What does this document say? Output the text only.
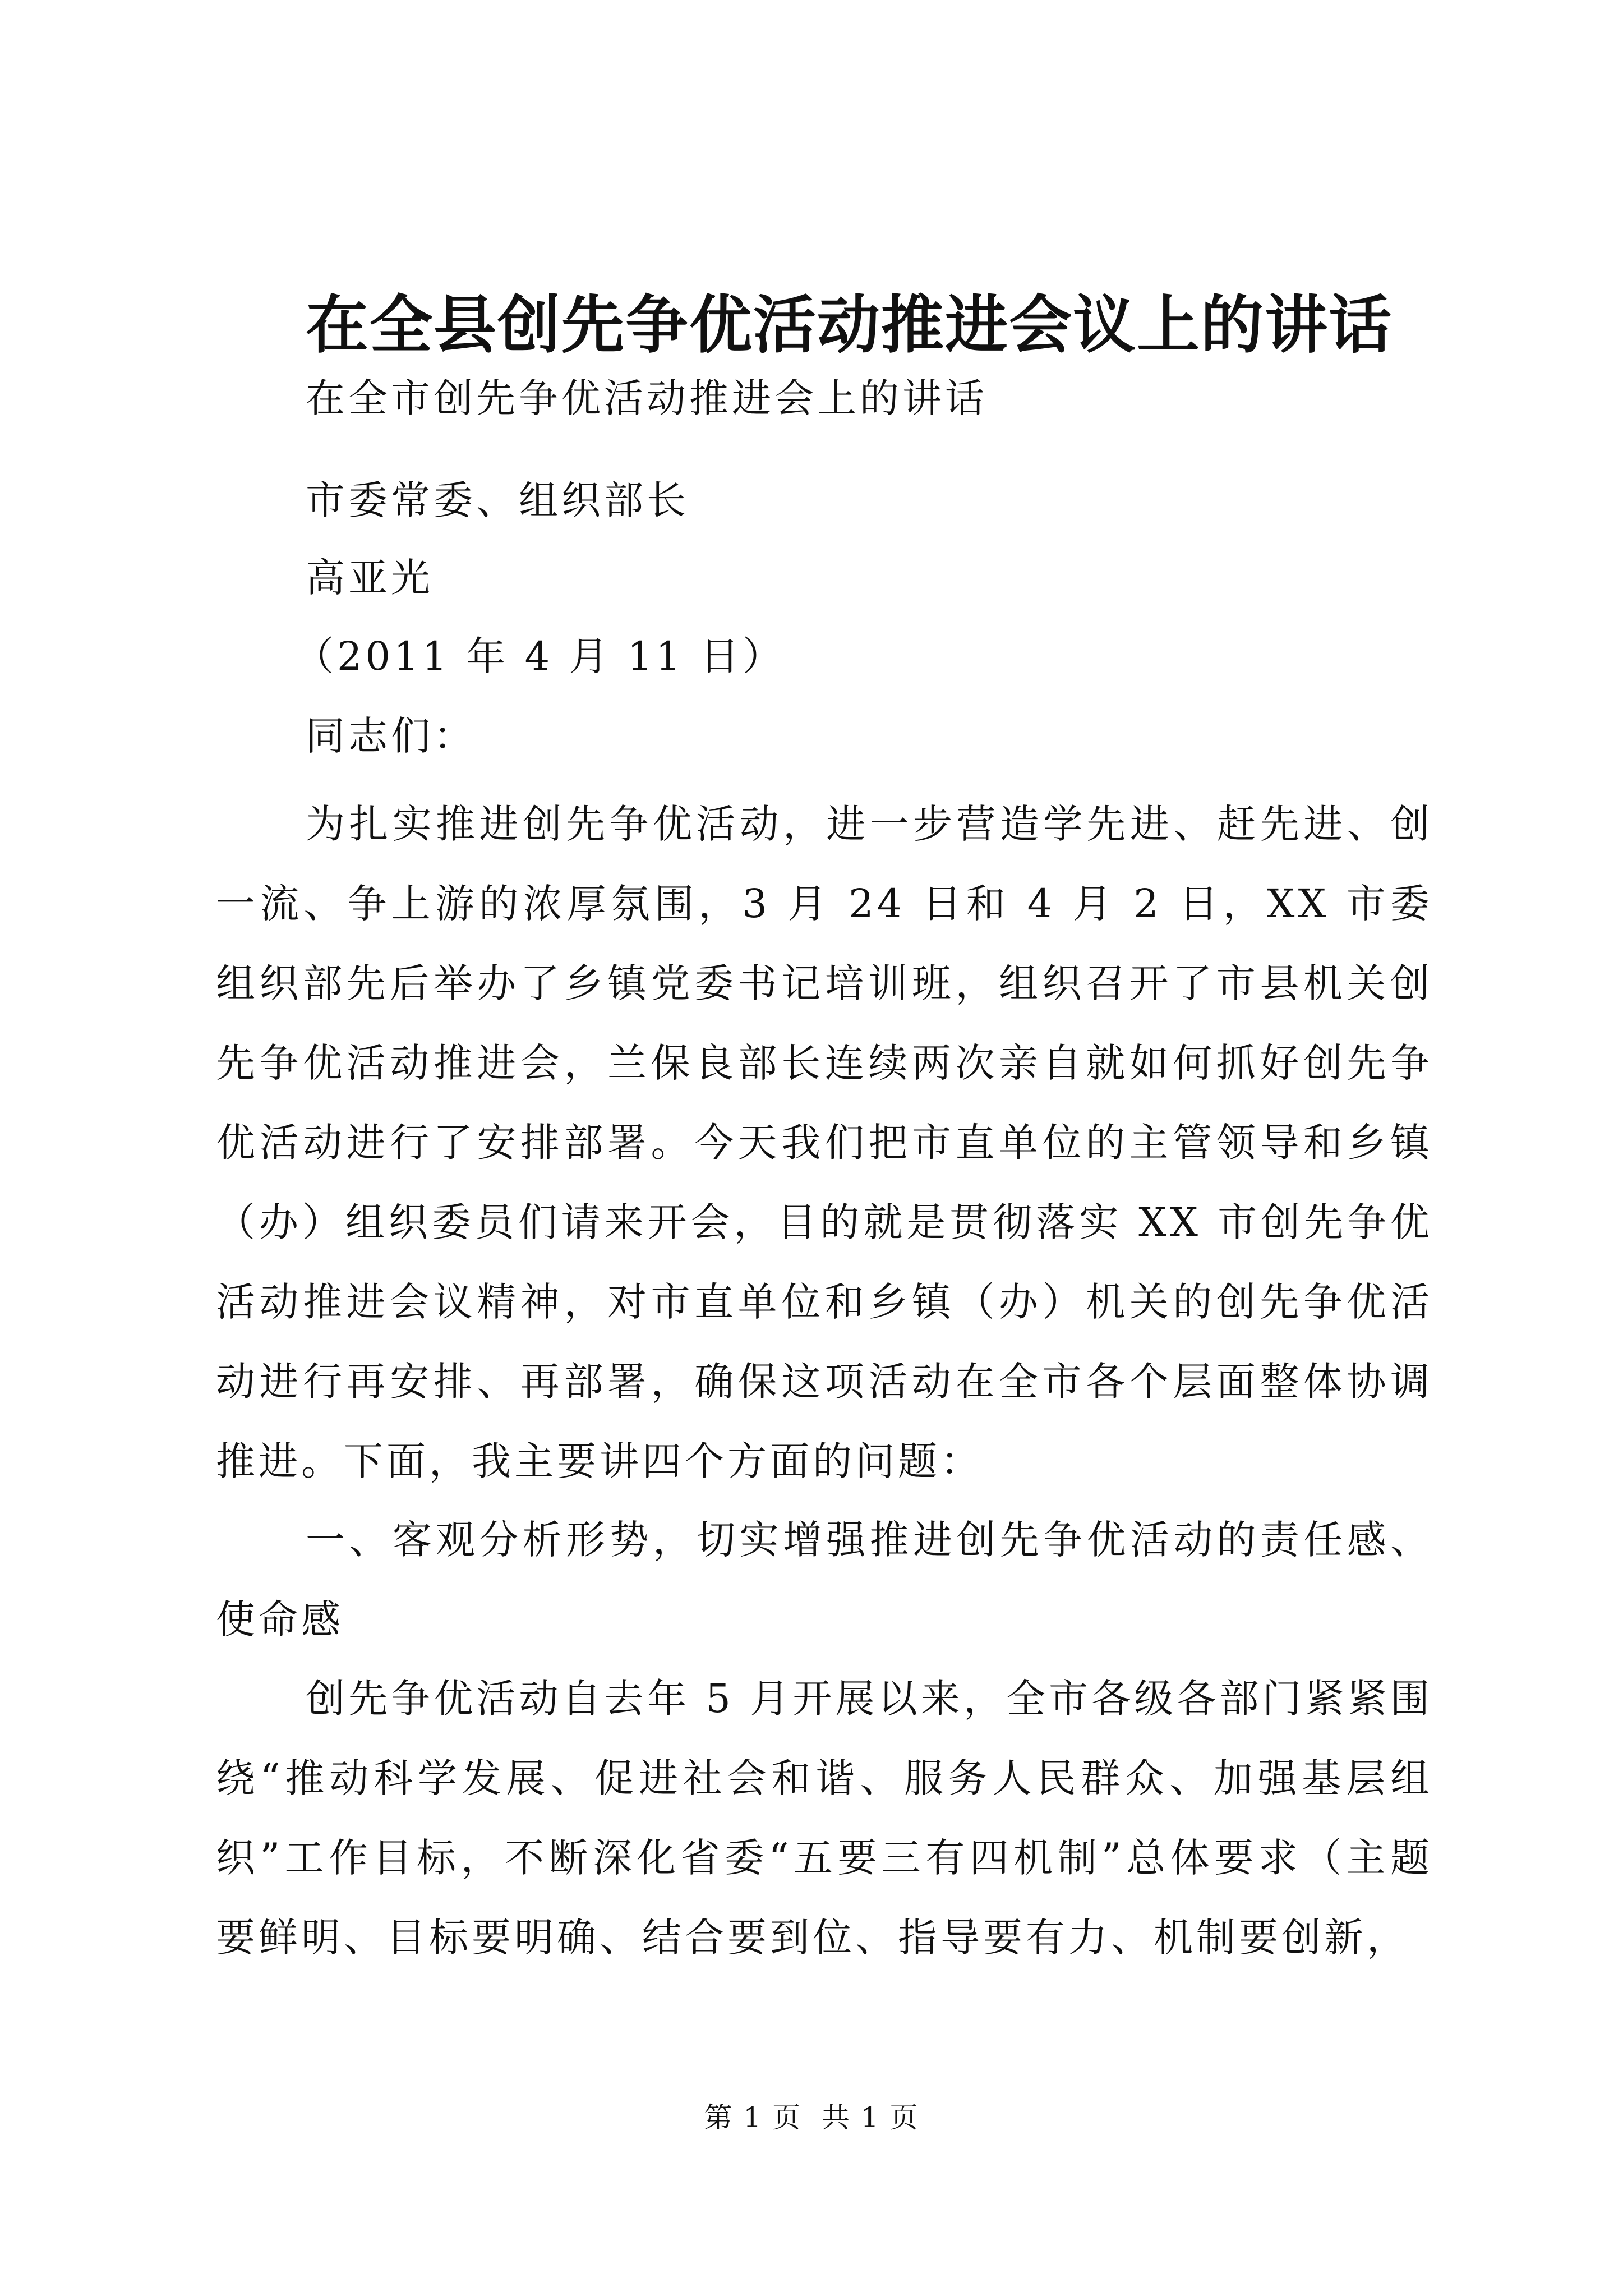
在全县创先争优活动推进会议上的讲话
在全市创先争优活动推进会上的讲话
市委常委、组织部长
高亚光
（2011 年 4 月 11 日）
同志们：

为扎实推进创先争优活动，进一步营造学先进、赶先进、创一流、争上游的浓厚氛围，3 月 24 日和 4 月 2 日，XX 市委组织部先后举办了乡镇党委书记培训班，组织召开了市县机关创先争优活动推进会，兰保良部长连续两次亲自就如何抓好创先争优活动进行了安排部署。今天我们把市直单位的主管领导和乡镇（办）组织委员们请来开会，目的就是贯彻落实 XX 市创先争优活动推进会议精神，对市直单位和乡镇（办）机关的创先争优活动进行再安排、再部署，确保这项活动在全市各个层面整体协调推进。下面，我主要讲四个方面的问题：

一、客观分析形势，切实增强推进创先争优活动的责任感、使命感

创先争优活动自去年 5 月开展以来，全市各级各部门紧紧围绕“推动科学发展、促进社会和谐、服务人民群众、加强基层组织”工作目标，不断深化省委“五要三有四机制”总体要求（主题要鲜明、目标要明确、结合要到位、指导要有力、机制要创新，

第 1 页  共 1 页
